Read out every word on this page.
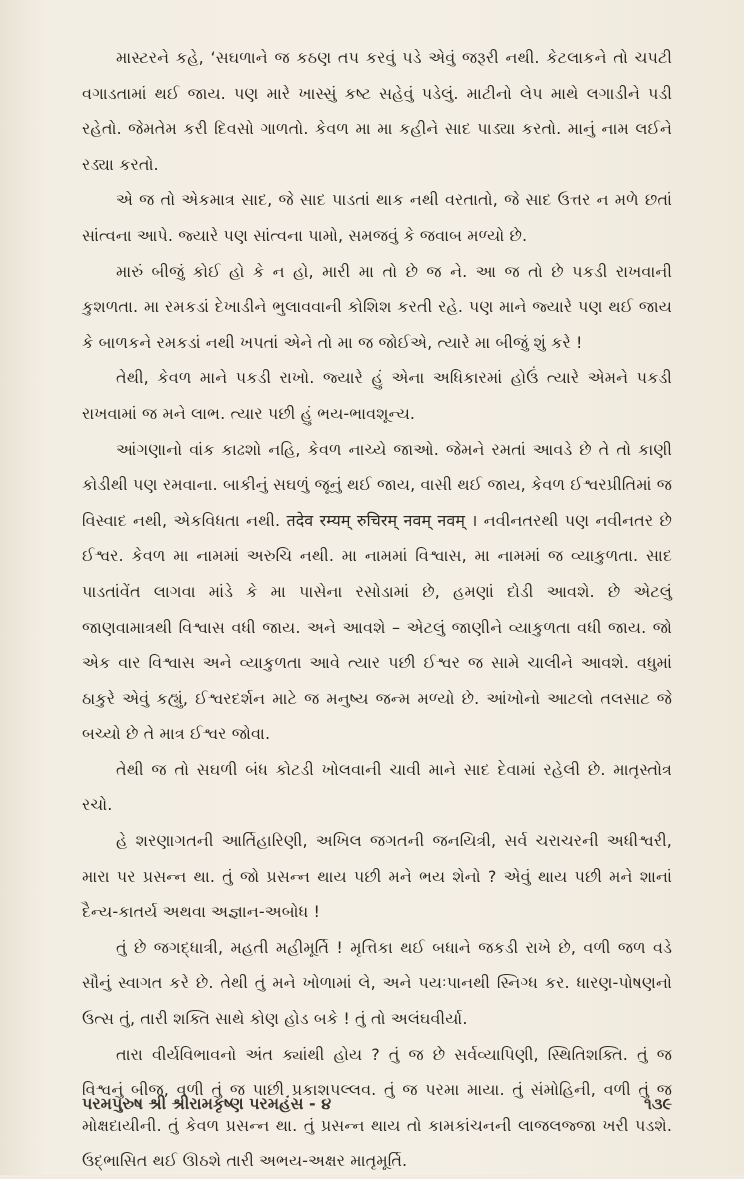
માસ્ટરને કહે, ‘સઘળાને જ કઠણ તપ કરવું પડે એવું જરૂરી નથી. કેટલાકને તો ચપટી વગાડતામાં થઈ જાય. પણ મારે ખાસ્સું કષ્ટ સહેવું પડેલું. માટીનો લેપ માથે લગાડીને પડી રહેતો. જેમતેમ કરી દિવસો ગાળતો. કેવળ મા મા કહીને સાદ પાડ્યા કરતો. માનું નામ લઈને રડ્યા કરતો.

એ જ તો એકમાત્ર સાદ, જે સાદ પાડતાં થાક નથી વરતાતો, જે સાદ ઉત્તર ન મળે છતાં સાંત્વના આપે. જ્યારે પણ સાંત્વના પામો, સમજવું કે જવાબ મળ્યો છે.

મારું બીજું કોઈ હો કે ન હો, મારી મા તો છે જ ને. આ જ તો છે પકડી રાખવાની કુશળતા. મા રમકડાં દેખાડીને ભુલાવવાની કોશિશ કરતી રહે. પણ માને જ્યારે પણ થઈ જાય કે બાળકને રમકડાં નથી ખપતાં એને તો મા જ જોઈએ, ત્યારે મા બીજું શું કરે !

તેથી, કેવળ માને પકડી રાખો. જ્યારે હું એના અધિકારમાં હોઉં ત્યારે એમને પકડી રાખવામાં જ મને લાભ. ત્યાર પછી હું ભય-ભાવશૂન્ય.

આંગણાનો વાંક કાઢશો નહિ, કેવળ નાચ્યે જાઓ. જેમને રમતાં આવડે છે તે તો કાણી કોડીથી પણ રમવાના. બાકીનું સઘળું જૂનું થઈ જાય, વાસી થઈ જાય, કેવળ ઈશ્વરપ્રીતિમાં જ વિસ્વાદ નથી, એકવિધતા નથી. तदेव रम्यम् रुचिरम् नवम् नवम् । નવીનતરથી પણ નવીનતર છે ઈશ્વર. કેવળ મા નામમાં અરુચિ નથી. મા નામમાં વિશ્વાસ, મા નામમાં જ વ્યાકુળતા. સાદ પાડતાંવેંત લાગવા માંડે કે મા પાસેના રસોડામાં છે, હમણાં દોડી આવશે. છે એટલું જાણવામાત્રથી વિશ્વાસ વધી જાય. અને આવશે – એટલું જાણીને વ્યાકુળતા વધી જાય. જો એક વાર વિશ્વાસ અને વ્યાકુળતા આવે ત્યાર પછી ઈશ્વર જ સામે ચાલીને આવશે. વધુમાં ઠાકુરે એવું કહ્યું, ઈશ્વરદર્શન માટે જ મનુષ્ય જન્મ મળ્યો છે. આંખોનો આટલો તલસાટ જે બચ્યો છે તે માત્ર ઈશ્વર જોવા.

તેથી જ તો સઘળી બંધ કોટડી ખોલવાની ચાવી માને સાદ દેવામાં રહેલી છે. માતૃસ્તોત્ર રચો.

હે શરણાગતની આર્તિહારિણી, અખિલ જગતની જનયિત્રી, સર્વ ચરાચરની અધીશ્વરી, મારા પર પ્રસન્ન થા. તું જો પ્રસન્ન થાય પછી મને ભય શેનો ? એવું થાય પછી મને શાનાં દૈન્ય-કાતર્ય અથવા અજ્ઞાન-અબોધ !

તું છે જગદ્ધાત્રી, મહતી મહીમૂર્તિ ! મૃત્તિકા થઈ બધાને જકડી રાખે છે, વળી જળ વડે સૌનું સ્વાગત કરે છે. તેથી તું મને ખોળામાં લે, અને પયઃપાનથી સ્નિગ્ધ કર. ધારણ-પોષણનો ઉત્સ તું, તારી શક્તિ સાથે કોણ હોડ બકે ! તું તો અલંઘવીર્યા.

તારા વીર્યવિભાવનો અંત ક્યાંથી હોય ? તું જ છે સર્વવ્યાપિણી, સ્થિતિશક્તિ. તું જ વિશ્વનું બીજ, વળી તું જ પાછી પ્રકાશપલ્લવ. તું જ પરમા માયા. તું સંમોહિની, વળી તું જ મોક્ષદાયીની. તું કેવળ પ્રસન્ન થા. તું પ્રસન્ન થાય તો કામકાંચનની લાજલજ્જા ખરી પડશે. ઉદ્ભાસિત થઈ ઊઠશે તારી અભય-અક્ષર માતૃમૂર્તિ.

પરમપુરુષ શ્રી શ્રીરામકૃષ્ણ પરમહંસ - ૪	૧૩૯
